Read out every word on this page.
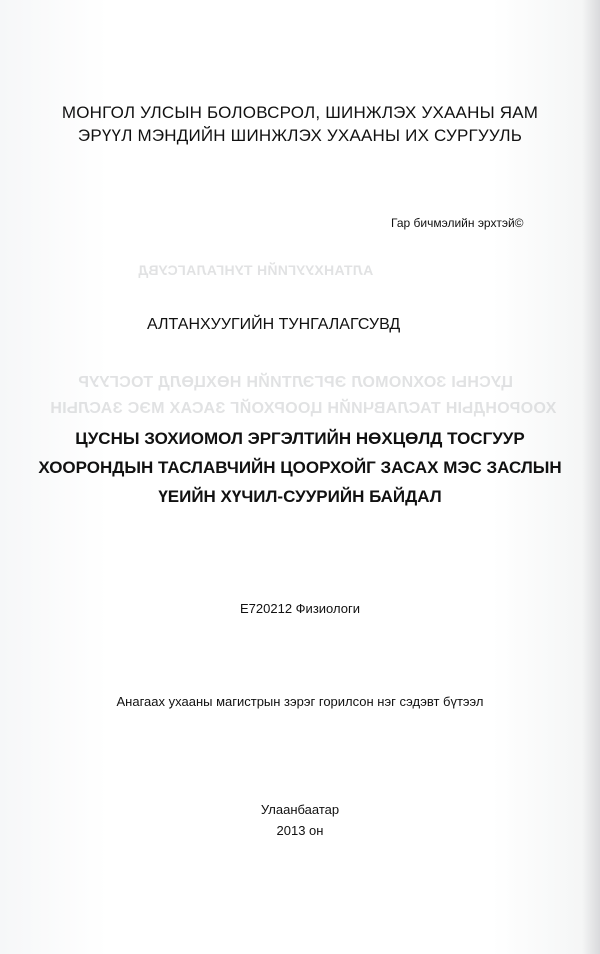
АЛТАНХУУГИЙН ТУНГАЛАГСУВД
ЦУСНЫ ЗОХИОМОЛ ЭРГЭЛТИЙН НӨХЦӨЛД ТОСГУУР
ХООРОНДЫН ТАСЛАВЧИЙН ЦООРХОЙГ ЗАСАХ МЭС ЗАСЛЫН
МОНГОЛ УЛСЫН БОЛОВСРОЛ, ШИНЖЛЭХ УХААНЫ ЯАМ
ЭРҮҮЛ МЭНДИЙН ШИНЖЛЭХ УХААНЫ ИХ СУРГУУЛЬ
Гар бичмэлийн эрхтэй©
АЛТАНХУУГИЙН ТУНГАЛАГСУВД
ЦУСНЫ ЗОХИОМОЛ ЭРГЭЛТИЙН НӨХЦӨЛД ТОСГУУР
ХООРОНДЫН ТАСЛАВЧИЙН ЦООРХОЙГ ЗАСАХ МЭС ЗАСЛЫН
ҮЕИЙН ХҮЧИЛ-СУУРИЙН БАЙДАЛ
E720212 Физиологи
Анагаах ухааны магистрын зэрэг горилсон нэг сэдэвт бүтээл
Улаанбаатар
2013 он
